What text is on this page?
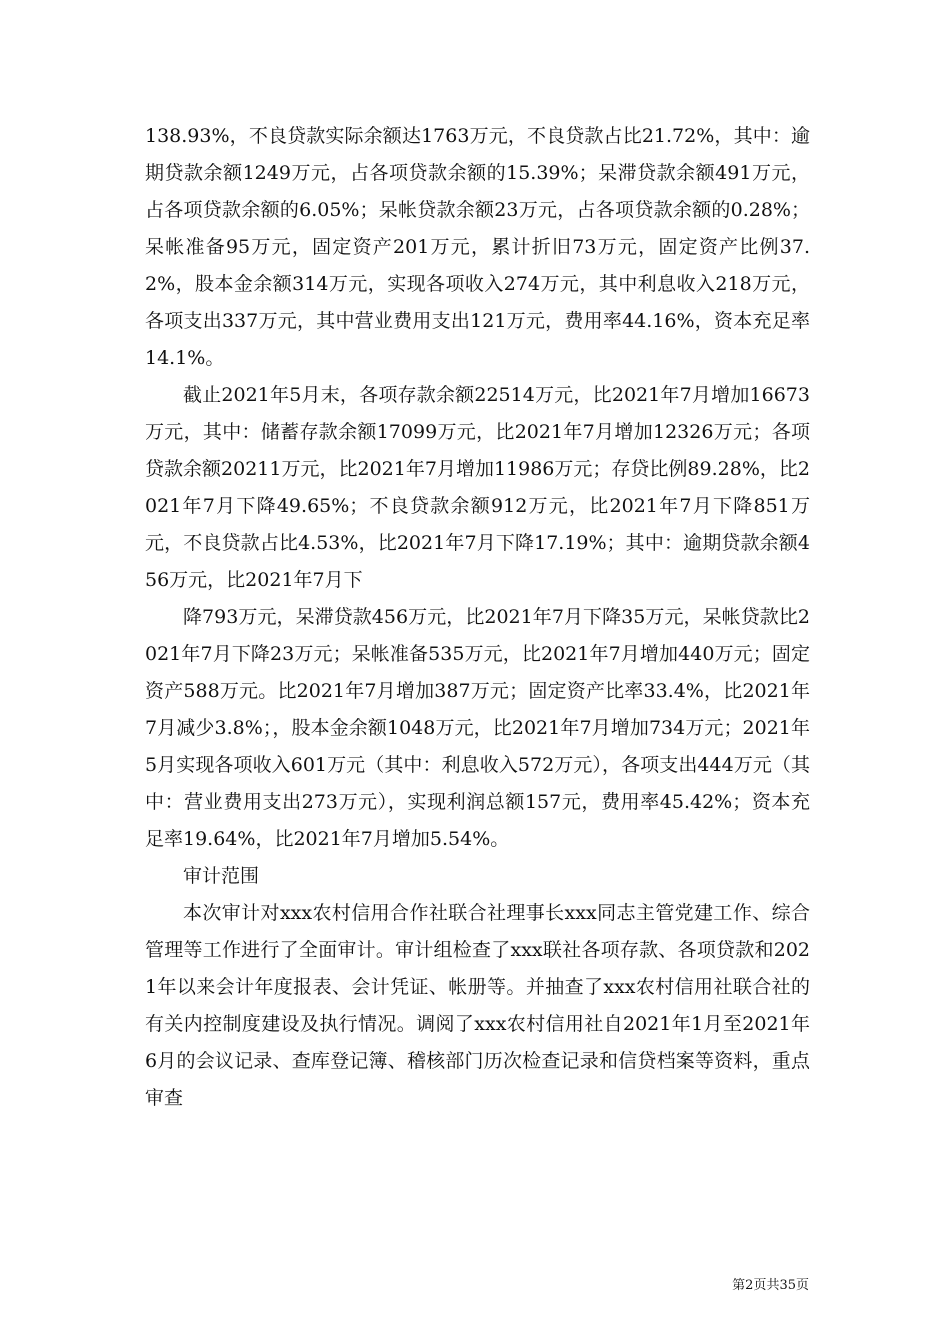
138.93%，不良贷款实际余额达1763万元，不良贷款占比21.72%，其中：逾期贷款余额1249万元，占各项贷款余额的15.39%；呆滞贷款余额491万元，占各项贷款余额的6.05%；呆帐贷款余额23万元，占各项贷款余额的0.28%；呆帐准备95万元，固定资产201万元，累计折旧73万元，固定资产比例37.2%，股本金余额314万元，实现各项收入274万元，其中利息收入218万元，各项支出337万元，其中营业费用支出121万元，费用率44.16%，资本充足率14.1%。

截止2021年5月末，各项存款余额22514万元，比2021年7月增加16673万元，其中：储蓄存款余额17099万元，比2021年7月增加12326万元；各项贷款余额20211万元，比2021年7月增加11986万元；存贷比例89.28%，比2021年7月下降49.65%；不良贷款余额912万元，比2021年7月下降851万元，不良贷款占比4.53%，比2021年7月下降17.19%；其中：逾期贷款余额456万元，比2021年7月下

降793万元，呆滞贷款456万元，比2021年7月下降35万元，呆帐贷款比2021年7月下降23万元；呆帐准备535万元，比2021年7月增加440万元；固定资产588万元。比2021年7月增加387万元；固定资产比率33.4%，比2021年7月减少3.8%；，股本金余额1048万元，比2021年7月增加734万元；2021年5月实现各项收入601万元（其中：利息收入572万元），各项支出444万元（其中：营业费用支出273万元），实现利润总额157元，费用率45.42%；资本充足率19.64%，比2021年7月增加5.54%。

审计范围

本次审计对xxx农村信用合作社联合社理事长xxx同志主管党建工作、综合管理等工作进行了全面审计。审计组检查了xxx联社各项存款、各项贷款和2021年以来会计年度报表、会计凭证、帐册等。并抽查了xxx农村信用社联合社的有关内控制度建设及执行情况。调阅了xxx农村信用社自2021年1月至2021年6月的会议记录、查库登记簿、稽核部门历次检查记录和信贷档案等资料，重点审查

第2页共35页
